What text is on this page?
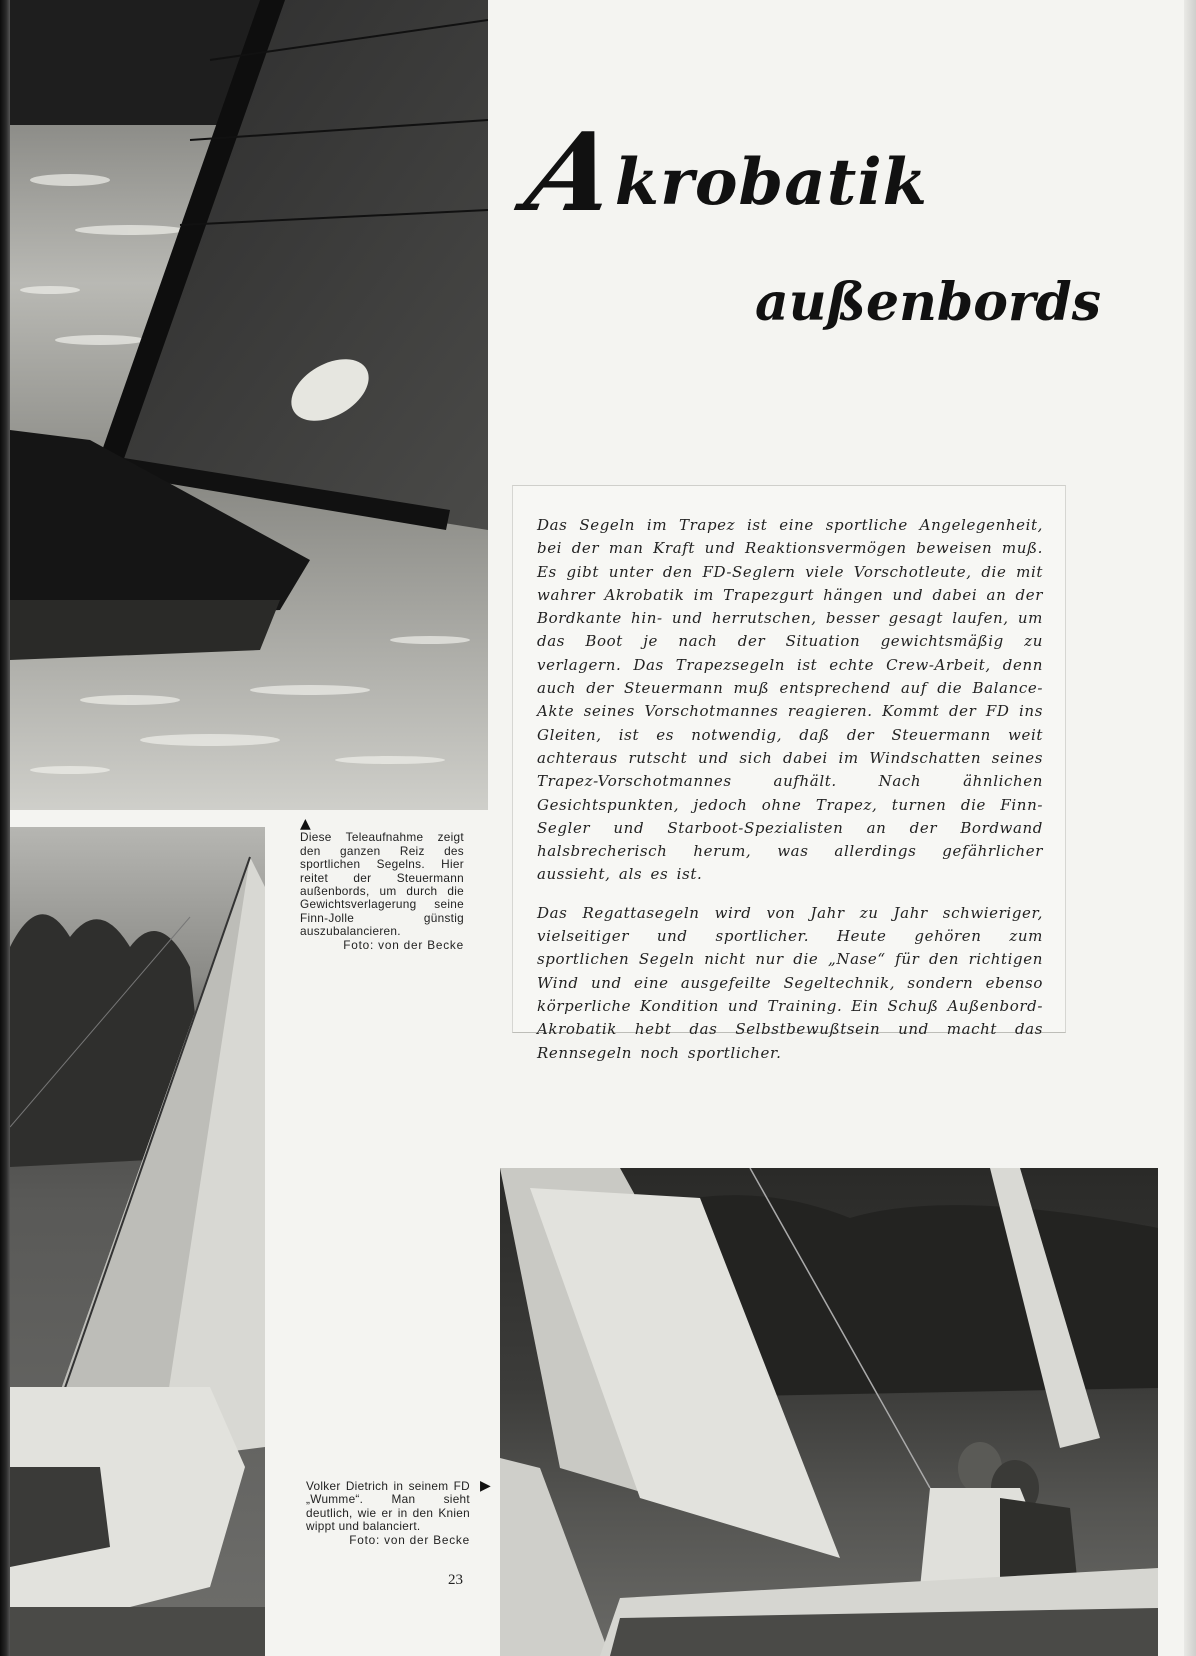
Akrobatik
außenbords

Das Segeln im Trapez ist eine sportliche Angelegenheit, bei der man Kraft und Reaktionsvermögen beweisen muß. Es gibt unter den FD-Seglern viele Vorschotleute, die mit wahrer Akrobatik im Trapezgurt hängen und dabei an der Bordkante hin- und herrutschen, besser gesagt laufen, um das Boot je nach der Situation gewichtsmäßig zu verlagern. Das Trapezsegeln ist echte Crew-Arbeit, denn auch der Steuermann muß entsprechend auf die Balance-Akte seines Vorschotmannes reagieren. Kommt der FD ins Gleiten, ist es notwendig, daß der Steuermann weit achteraus rutscht und sich dabei im Windschatten seines Trapez-Vorschotmannes aufhält. Nach ähnlichen Gesichtspunkten, jedoch ohne Trapez, turnen die Finn-Segler und Starboot-Spezialisten an der Bordwand halsbrecherisch herum, was allerdings gefährlicher aussieht, als es ist.

Das Regattasegeln wird von Jahr zu Jahr schwieriger, vielseitiger und sportlicher. Heute gehören zum sportlichen Segeln nicht nur die „Nase“ für den richtigen Wind und eine ausgefeilte Segeltechnik, sondern ebenso körperliche Kondition und Training. Ein Schuß Außenbord-Akrobatik hebt das Selbstbewußtsein und macht das Rennsegeln noch sportlicher.

▲
Diese Teleaufnahme zeigt den ganzen Reiz des sportlichen Segelns. Hier reitet der Steuermann außenbords, um durch die Gewichtsverlagerung seine Finn-Jolle günstig auszubalancieren.
Foto: von der Becke
Volker Dietrich in seinem FD „Wumme“. Man sieht deutlich, wie er in den Knien wippt und balanciert.
Foto: von der Becke
▶
23
